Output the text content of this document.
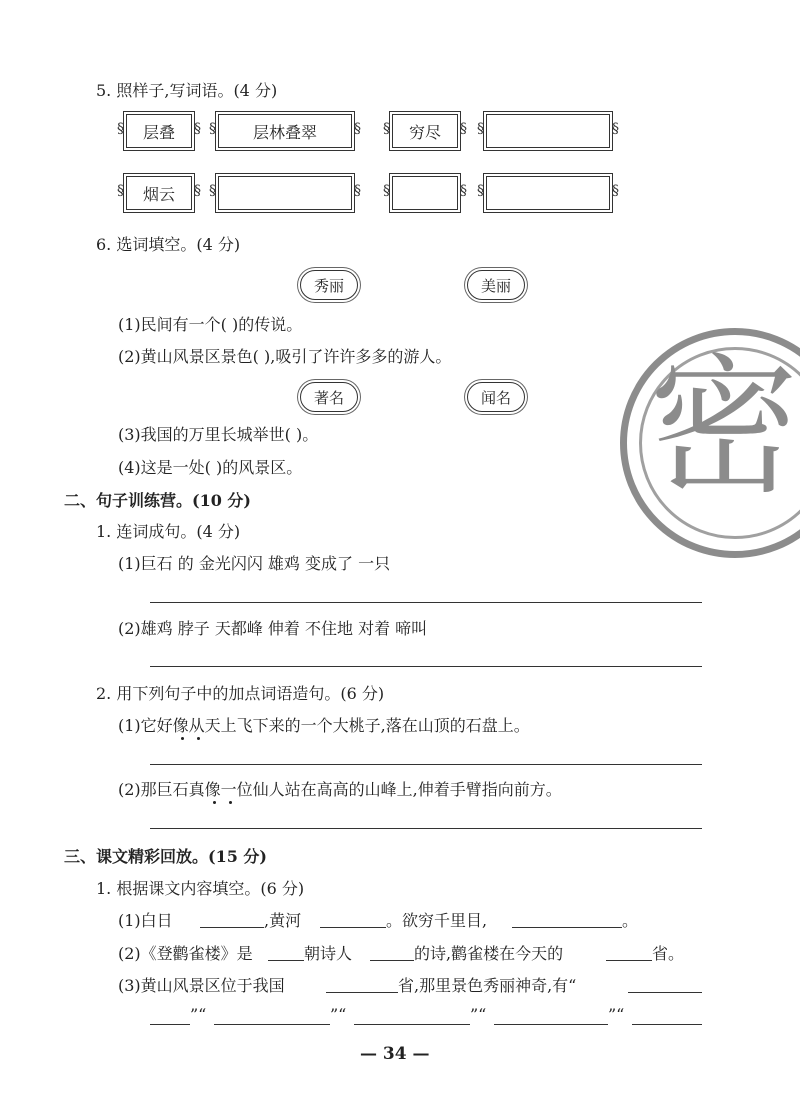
5. 照样子,写词语。(4 分)
§ 层叠 §	§ 层林叠翠 §	§ 穷尽 §
§ §
§ 烟云 §
§ §
§ §
§ §
6. 选词填空。(4 分)
秀丽	美丽
(1)民间有一个( )的传说。
(2)黄山风景区景色( ),吸引了许许多多的游人。
著名	闻名
(3)我国的万里长城举世( )。
(4)这是一处( )的风景区。
二、句子训练营。(10 分)
1. 连词成句。(4 分)
(1)巨石 的 金光闪闪 雄鸡 变成了 一只
(2)雄鸡 脖子 天都峰 伸着 不住地 对着 啼叫
2. 用下列句子中的加点词语造句。(6 分)
(1)它好像从天上飞下来的一个大桃子,落在山顶的石盘上。
(2)那巨石真像一位仙人站在高高的山峰上,伸着手臂指向前方。
三、课文精彩回放。(15 分)
1. 根据课文内容填空。(6 分)
(1)白日	,黄河	。欲穷千里目,	。
(2)《登鹳雀楼》是	朝诗人	的诗,鹳雀楼在今天的	省。
(3)黄山风景区位于我国	省,那里景色秀丽神奇,有“
”“	”“	”“	”“
密
— 34 —
